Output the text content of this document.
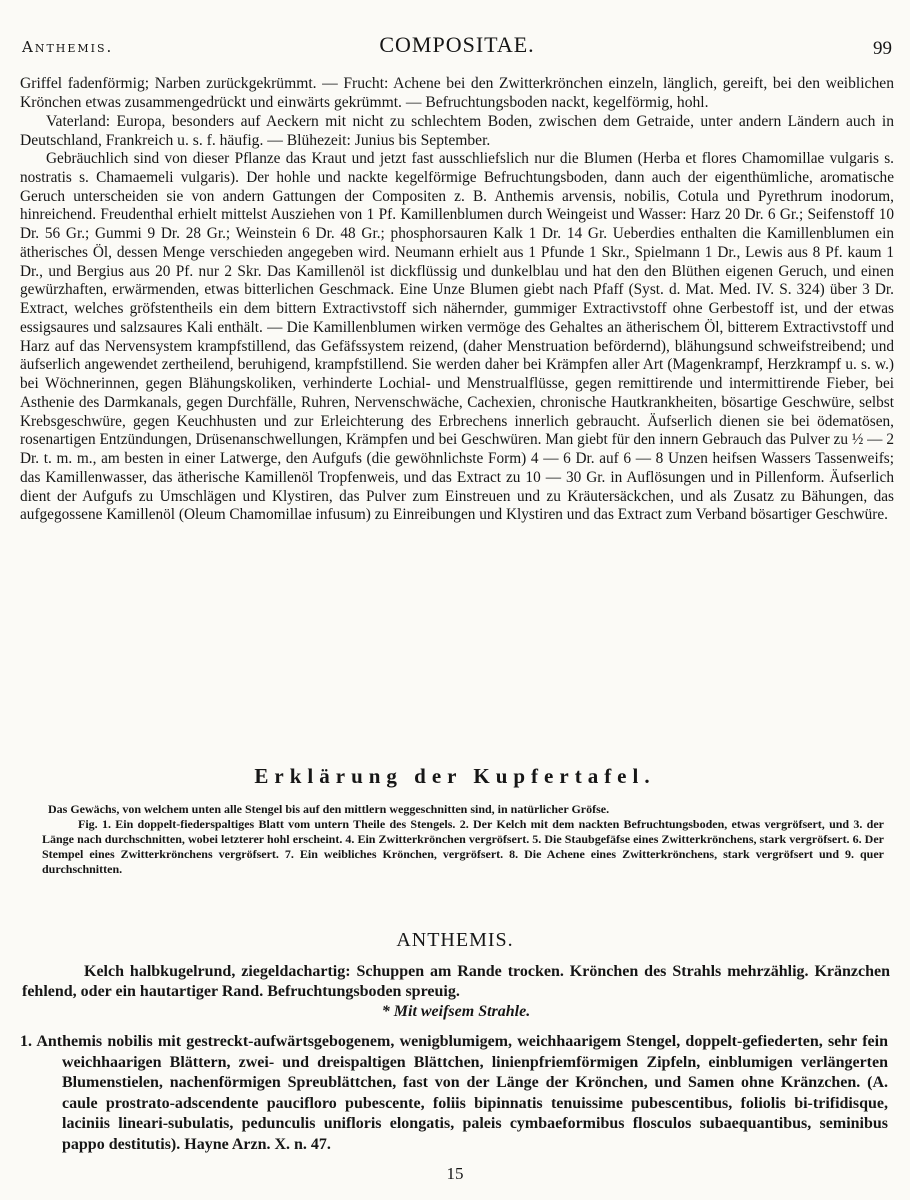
Anthemis.	COMPOSITAE.	99

Griffel fadenförmig; Narben zurückgekrümmt. — Frucht: Achene bei den Zwitterkrönchen einzeln, länglich, gereift, bei den weiblichen Krönchen etwas zusammengedrückt und einwärts gekrümmt. — Befruchtungsboden nackt, kegelförmig, hohl.

Vaterland: Europa, besonders auf Aeckern mit nicht zu schlechtem Boden, zwischen dem Getraide, unter andern Ländern auch in Deutschland, Frankreich u. s. f. häufig. — Blühezeit: Junius bis September.

Gebräuchlich sind von dieser Pflanze das Kraut und jetzt fast ausschliefslich nur die Blumen (Herba et flores Chamomillae vulgaris s. nostratis s. Chamaemeli vulgaris). Der hohle und nackte kegelförmige Befruchtungsboden, dann auch der eigenthümliche, aromatische Geruch unterscheiden sie von andern Gattungen der Compositen z. B. Anthemis arvensis, nobilis, Cotula und Pyrethrum inodorum, hinreichend. Freudenthal erhielt mittelst Ausziehen von 1 Pf. Kamillenblumen durch Weingeist und Wasser: Harz 20 Dr. 6 Gr.; Seifenstoff 10 Dr. 56 Gr.; Gummi 9 Dr. 28 Gr.; Weinstein 6 Dr. 48 Gr.; phosphorsauren Kalk 1 Dr. 14 Gr. Ueberdies enthalten die Kamillenblumen ein ätherisches Öl, dessen Menge verschieden angegeben wird. Neumann erhielt aus 1 Pfunde 1 Skr., Spielmann 1 Dr., Lewis aus 8 Pf. kaum 1 Dr., und Bergius aus 20 Pf. nur 2 Skr. Das Kamillenöl ist dickflüssig und dunkelblau und hat den den Blüthen eigenen Geruch, und einen gewürzhaften, erwärmenden, etwas bitterlichen Geschmack. Eine Unze Blumen giebt nach Pfaff (Syst. d. Mat. Med. IV. S. 324) über 3 Dr. Extract, welches gröfstentheils ein dem bittern Extractivstoff sich nähernder, gummiger Extractivstoff ohne Gerbestoff ist, und der etwas essigsaures und salzsaures Kali enthält. — Die Kamillenblumen wirken vermöge des Gehaltes an ätherischem Öl, bitterem Extractivstoff und Harz auf das Nervensystem krampfstillend, das Gefäfssystem reizend, (daher Menstruation befördernd), blähungsund schweifstreibend; und äufserlich angewendet zertheilend, beruhigend, krampfstillend. Sie werden daher bei Krämpfen aller Art (Magenkrampf, Herzkrampf u. s. w.) bei Wöchnerinnen, gegen Blähungskoliken, verhinderte Lochial- und Menstrualflüsse, gegen remittirende und intermittirende Fieber, bei Asthenie des Darmkanals, gegen Durchfälle, Ruhren, Nervenschwäche, Cachexien, chronische Hautkrankheiten, bösartige Geschwüre, selbst Krebsgeschwüre, gegen Keuchhusten und zur Erleichterung des Erbrechens innerlich gebraucht. Äufserlich dienen sie bei ödematösen, rosenartigen Entzündungen, Drüsenanschwellungen, Krämpfen und bei Geschwüren. Man giebt für den innern Gebrauch das Pulver zu ½ — 2 Dr. t. m. m., am besten in einer Latwerge, den Aufgufs (die gewöhnlichste Form) 4 — 6 Dr. auf 6 — 8 Unzen heifsen Wassers Tassenweifs; das Kamillenwasser, das ätherische Kamillenöl Tropfenweis, und das Extract zu 10 — 30 Gr. in Auflösungen und in Pillenform. Äufserlich dient der Aufgufs zu Umschlägen und Klystiren, das Pulver zum Einstreuen und zu Kräutersäckchen, und als Zusatz zu Bähungen, das aufgegossene Kamillenöl (Oleum Chamomillae infusum) zu Einreibungen und Klystiren und das Extract zum Verband bösartiger Geschwüre.

Erklärung der Kupfertafel.

Das Gewächs, von welchem unten alle Stengel bis auf den mittlern weggeschnitten sind, in natürlicher Gröfse.

Fig. 1. Ein doppelt-fiederspaltiges Blatt vom untern Theile des Stengels. 2. Der Kelch mit dem nackten Befruchtungsboden, etwas vergröfsert, und 3. der Länge nach durchschnitten, wobei letzterer hohl erscheint. 4. Ein Zwitterkrönchen vergröfsert. 5. Die Staubgefäfse eines Zwitterkrönchens, stark vergröfsert. 6. Der Stempel eines Zwitterkrönchens vergröfsert. 7. Ein weibliches Krönchen, vergröfsert. 8. Die Achene eines Zwitterkrönchens, stark vergröfsert und 9. quer durchschnitten.

ANTHEMIS.

Kelch halbkugelrund, ziegeldachartig: Schuppen am Rande trocken. Krönchen des Strahls mehrzählig. Kränzchen fehlend, oder ein hautartiger Rand. Befruchtungsboden spreuig.

* Mit weifsem Strahle.

1. Anthemis nobilis mit gestreckt-aufwärtsgebogenem, wenigblumigem, weichhaarigem Stengel, doppelt-gefiederten, sehr fein weichhaarigen Blättern, zwei- und dreispaltigen Blättchen, linienpfriemförmigen Zipfeln, einblumigen verlängerten Blumenstielen, nachenförmigen Spreublättchen, fast von der Länge der Krönchen, und Samen ohne Kränzchen. (A. caule prostrato-adscendente paucifloro pubescente, foliis bipinnatis tenuissime pubescentibus, foliolis bi-trifidisque, laciniis lineari-subulatis, pedunculis unifloris elongatis, paleis cymbaeformibus flosculos subaequantibus, seminibus pappo destitutis). Hayne Arzn. X. n. 47.

15
